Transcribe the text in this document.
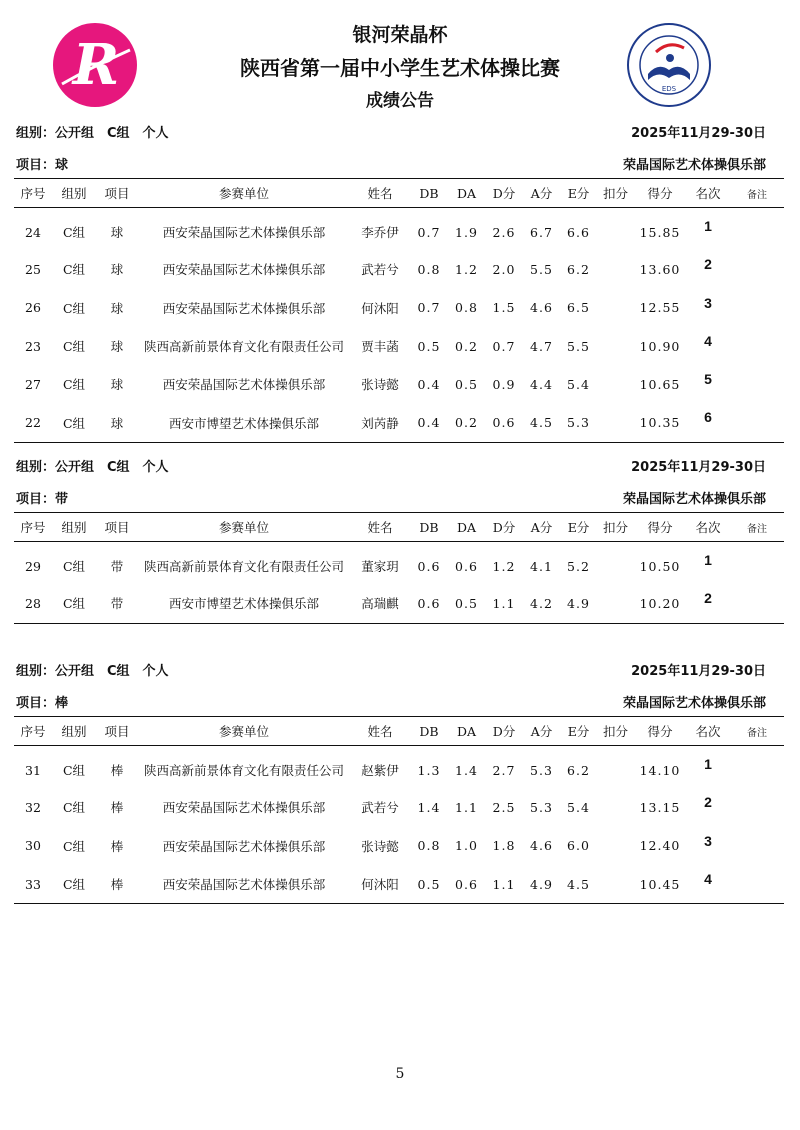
R	银河荣晶杯
陕西省第一届中小学生艺术体操比赛
成绩公告
EDS
组别：公开组　C组　个人	2025年11月29-30日
项目：球	荣晶国际艺术体操俱乐部
序号	组别	项目	参赛单位	姓名	DB	DA	D分	A分	E分	扣分	得分	名次	备注
24	C组	球	西安荣晶国际艺术体操俱乐部	李乔伊	0.7	1.9	2.6	6.7	6.6		15.85	1	
25	C组	球	西安荣晶国际艺术体操俱乐部	武若兮	0.8	1.2	2.0	5.5	6.2		13.60	2	
26	C组	球	西安荣晶国际艺术体操俱乐部	何沐阳	0.7	0.8	1.5	4.6	6.5		12.55	3	
23	C组	球	陕西高新前景体育文化有限责任公司	贾丰菡	0.5	0.2	0.7	4.7	5.5		10.90	4	
27	C组	球	西安荣晶国际艺术体操俱乐部	张诗懿	0.4	0.5	0.9	4.4	5.4		10.65	5	
22	C组	球	西安市博望艺术体操俱乐部	刘芮静	0.4	0.2	0.6	4.5	5.3		10.35	6	
组别：公开组　C组　个人	2025年11月29-30日
项目：带	荣晶国际艺术体操俱乐部
序号	组别	项目	参赛单位	姓名	DB	DA	D分	A分	E分	扣分	得分	名次	备注
29	C组	带	陕西高新前景体育文化有限责任公司	董家玥	0.6	0.6	1.2	4.1	5.2		10.50	1	
28	C组	带	西安市博望艺术体操俱乐部	高瑞麒	0.6	0.5	1.1	4.2	4.9		10.20	2	
组别：公开组　C组　个人	2025年11月29-30日
项目：棒	荣晶国际艺术体操俱乐部
序号	组别	项目	参赛单位	姓名	DB	DA	D分	A分	E分	扣分	得分	名次	备注
31	C组	棒	陕西高新前景体育文化有限责任公司	赵紫伊	1.3	1.4	2.7	5.3	6.2		14.10	1	
32	C组	棒	西安荣晶国际艺术体操俱乐部	武若兮	1.4	1.1	2.5	5.3	5.4		13.15	2	
30	C组	棒	西安荣晶国际艺术体操俱乐部	张诗懿	0.8	1.0	1.8	4.6	6.0		12.40	3	
33	C组	棒	西安荣晶国际艺术体操俱乐部	何沐阳	0.5	0.6	1.1	4.9	4.5		10.45	4	
5
